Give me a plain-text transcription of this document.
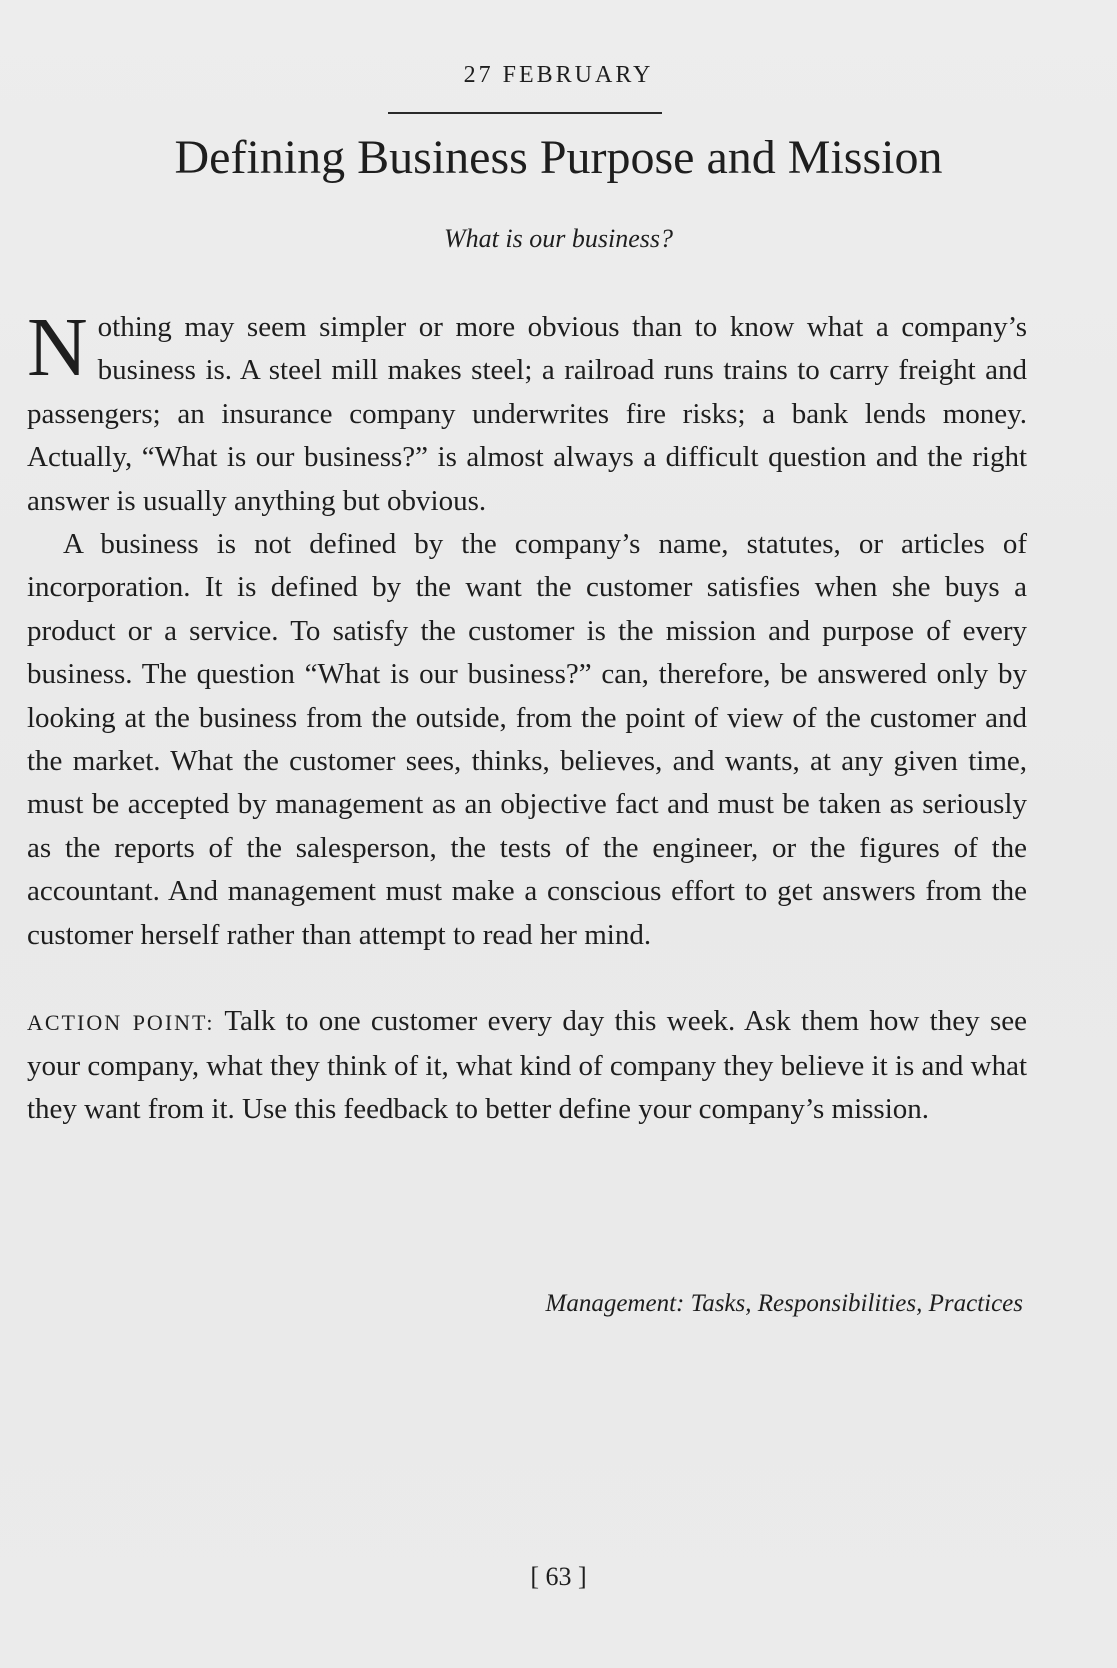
27 FEBRUARY
Defining Business Purpose and Mission
What is our business?

Nothing may seem simpler or more obvious than to know what a company’s business is. A steel mill makes steel; a railroad runs trains to carry freight and passengers; an insurance company underwrites fire risks; a bank lends money. Actually, “What is our business?” is almost always a difficult question and the right answer is usually anything but obvious.

A business is not defined by the company’s name, statutes, or articles of incorporation. It is defined by the want the customer satisfies when she buys a product or a service. To satisfy the customer is the mission and purpose of every business. The question “What is our business?” can, therefore, be answered only by looking at the business from the outside, from the point of view of the customer and the market. What the customer sees, thinks, believes, and wants, at any given time, must be accepted by management as an objective fact and must be taken as seriously as the reports of the salesperson, the tests of the engineer, or the figures of the accountant. And management must make a conscious effort to get answers from the customer herself rather than attempt to read her mind.

ACTION POINT: Talk to one customer every day this week. Ask them how they see your company, what they think of it, what kind of company they believe it is and what they want from it. Use this feedback to better define your company’s mission.

Management: Tasks, Responsibilities, Practices
[ 63 ]
